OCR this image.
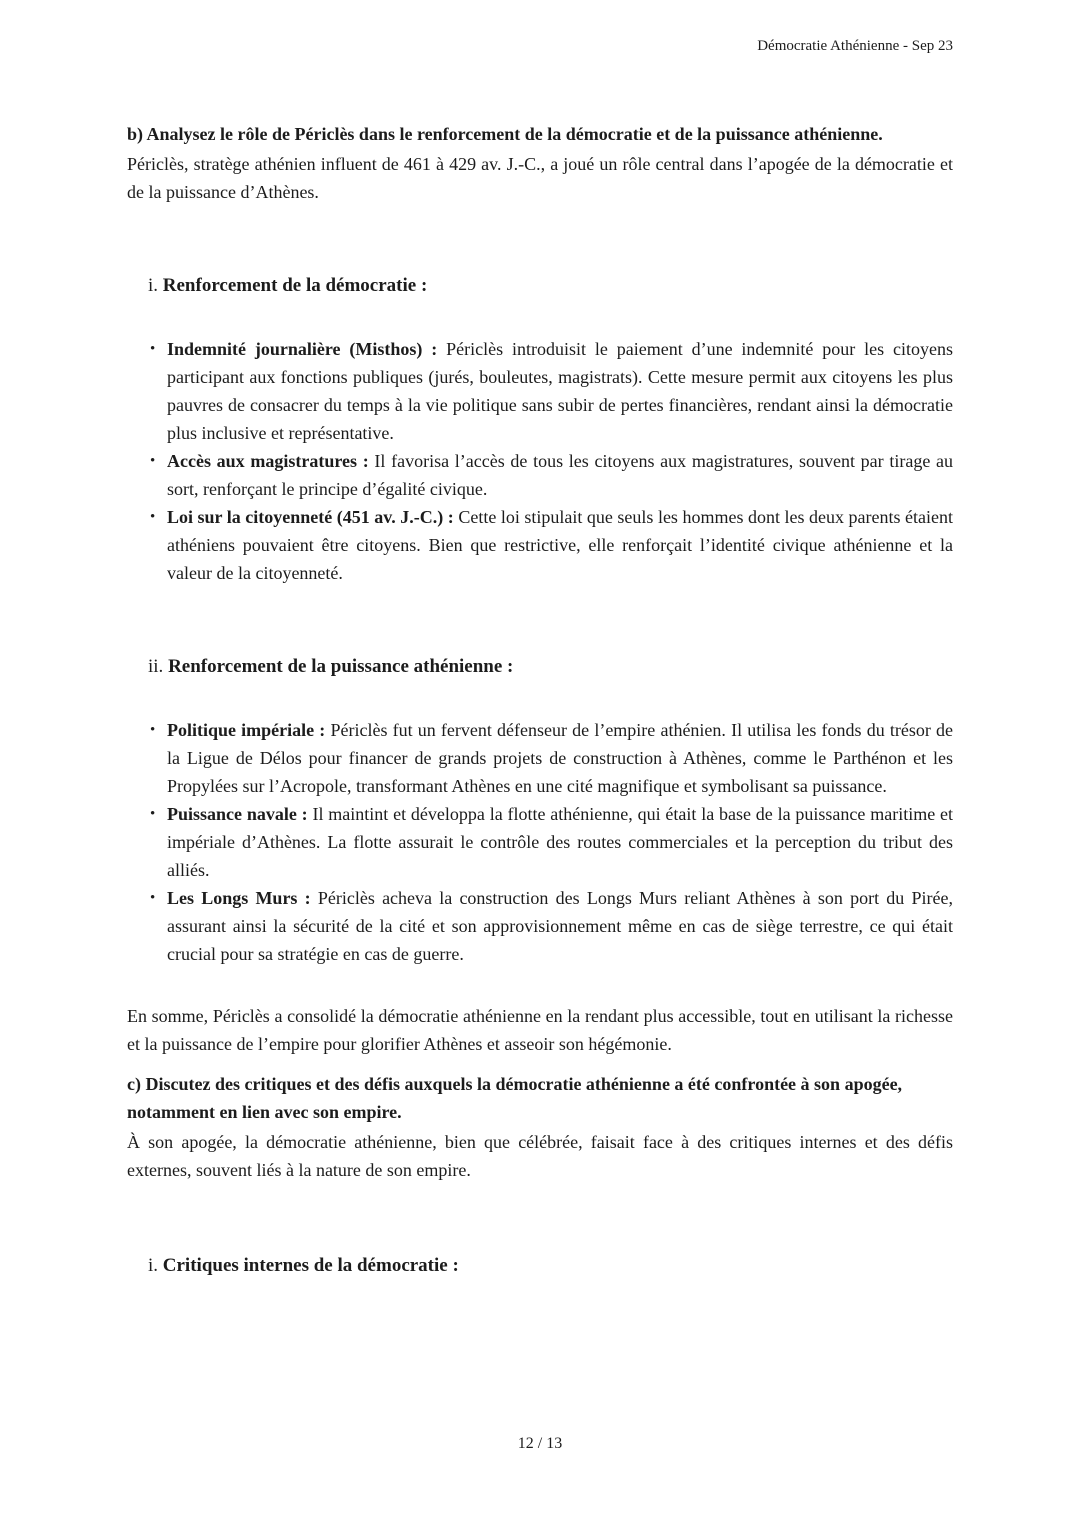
Démocratie Athénienne - Sep 23
b) Analysez le rôle de Périclès dans le renforcement de la démocratie et de la puissance athénienne.

Périclès, stratège athénien influent de 461 à 429 av. J.-C., a joué un rôle central dans l’apogée de la démocratie et de la puissance d’Athènes.

i. Renforcement de la démocratie :
• Indemnité journalière (Misthos) : Périclès introduisit le paiement d’une indemnité pour les citoyens participant aux fonctions publiques (jurés, bouleutes, magistrats). Cette mesure permit aux citoyens les plus pauvres de consacrer du temps à la vie politique sans subir de pertes financières, rendant ainsi la démocratie plus inclusive et représentative.
• Accès aux magistratures : Il favorisa l’accès de tous les citoyens aux magistratures, souvent par tirage au sort, renforçant le principe d’égalité civique.
• Loi sur la citoyenneté (451 av. J.-C.) : Cette loi stipulait que seuls les hommes dont les deux parents étaient athéniens pouvaient être citoyens. Bien que restrictive, elle renforçait l’identité civique athénienne et la valeur de la citoyenneté.
ii. Renforcement de la puissance athénienne :
• Politique impériale : Périclès fut un fervent défenseur de l’empire athénien. Il utilisa les fonds du trésor de la Ligue de Délos pour financer de grands projets de construction à Athènes, comme le Parthénon et les Propylées sur l’Acropole, transformant Athènes en une cité magnifique et symbolisant sa puissance.
• Puissance navale : Il maintint et développa la flotte athénienne, qui était la base de la puissance maritime et impériale d’Athènes. La flotte assurait le contrôle des routes commerciales et la perception du tribut des alliés.
• Les Longs Murs : Périclès acheva la construction des Longs Murs reliant Athènes à son port du Pirée, assurant ainsi la sécurité de la cité et son approvisionnement même en cas de siège terrestre, ce qui était crucial pour sa stratégie en cas de guerre.

En somme, Périclès a consolidé la démocratie athénienne en la rendant plus accessible, tout en utilisant la richesse et la puissance de l’empire pour glorifier Athènes et asseoir son hégémonie.

c) Discutez des critiques et des défis auxquels la démocratie athénienne a été confrontée à son apogée, notamment en lien avec son empire.

À son apogée, la démocratie athénienne, bien que célébrée, faisait face à des critiques internes et des défis externes, souvent liés à la nature de son empire.

i. Critiques internes de la démocratie :
12 / 13
